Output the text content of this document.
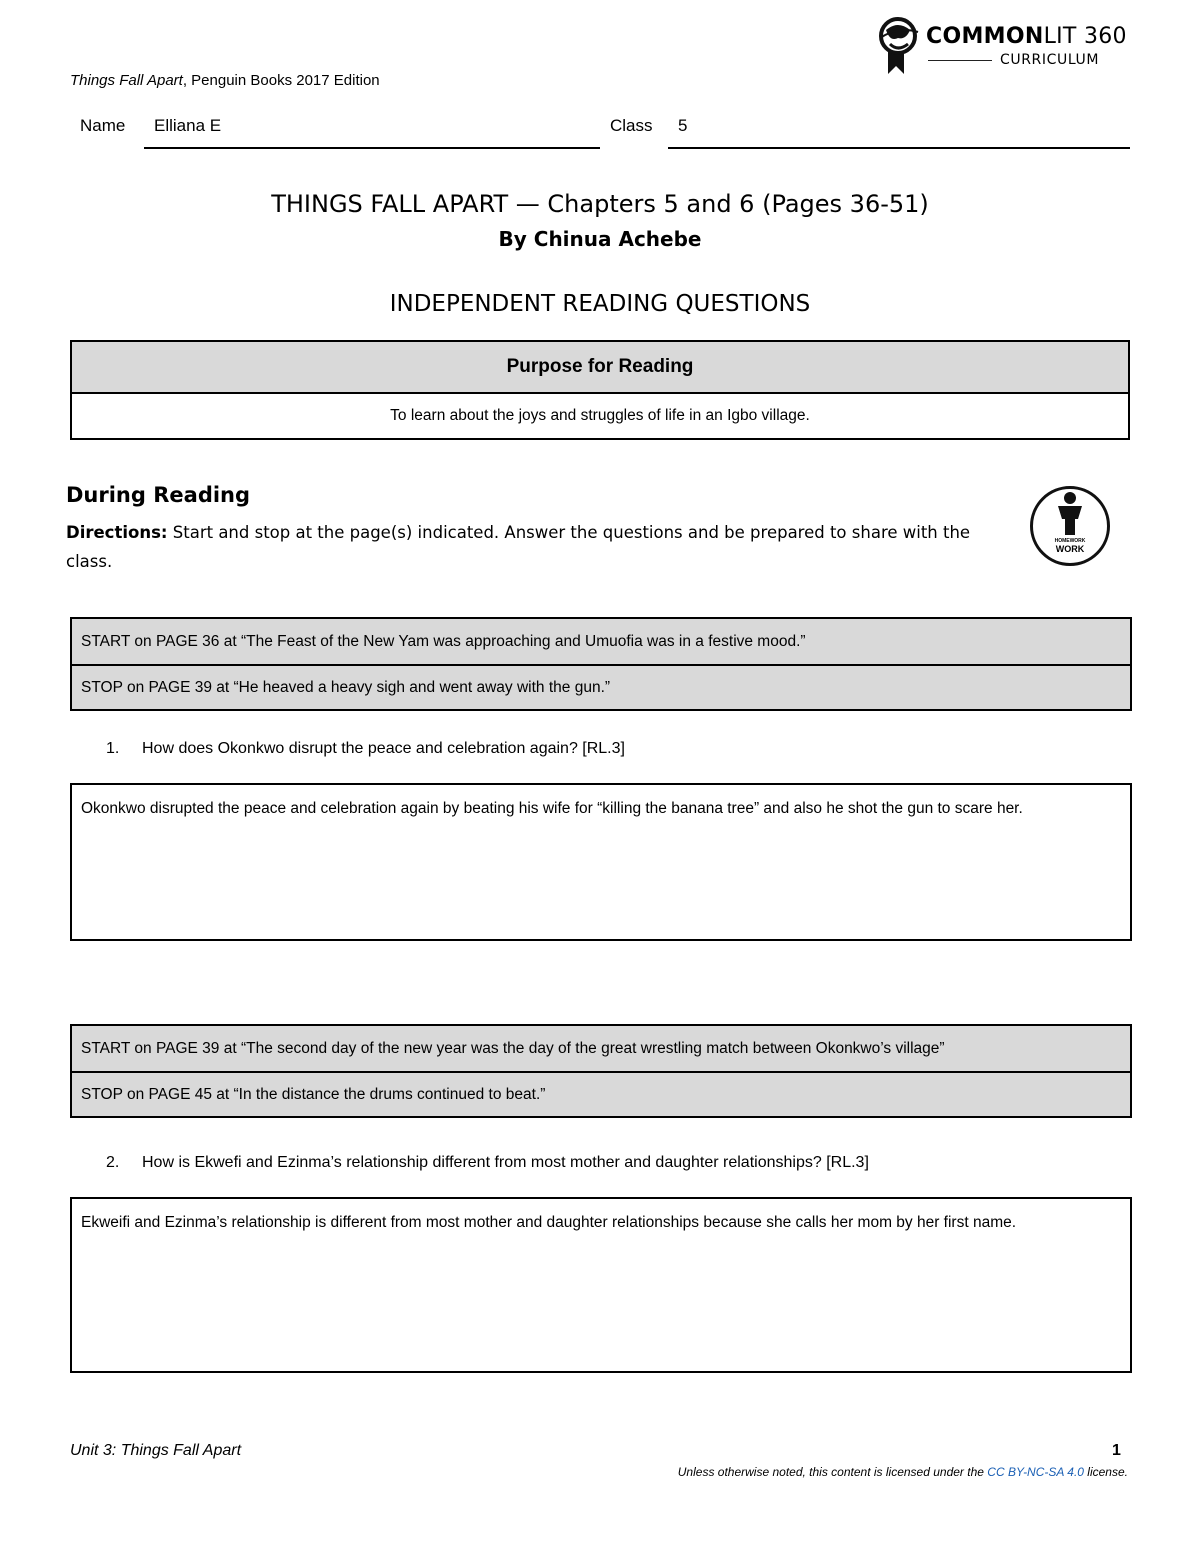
COMMONLIT 360
CURRICULUM
Things Fall Apart, Penguin Books 2017 Edition
Name Elliana E	Class 5
THINGS FALL APART — Chapters 5 and 6 (Pages 36-51)
By Chinua Achebe
INDEPENDENT READING QUESTIONS
Purpose for Reading
To learn about the joys and struggles of life in an Igbo village.
During Reading
Directions: Start and stop at the page(s) indicated. Answer the questions and be prepared to share with the class.
HOMEWORK
WORK
START on PAGE 36 at “The Feast of the New Yam was approaching and Umuofia was in a festive mood.”
STOP on PAGE 39 at “He heaved a heavy sigh and went away with the gun.”
1. How does Okonkwo disrupt the peace and celebration again? [RL.3]
Okonkwo disrupted the peace and celebration again by beating his wife for “killing the banana tree” and also he shot the gun to scare her.
START on PAGE 39 at “The second day of the new year was the day of the great wrestling match between Okonkwo’s village”
STOP on PAGE 45 at “In the distance the drums continued to beat.”
2. How is Ekwefi and Ezinma’s relationship different from most mother and daughter relationships? [RL.3]
Ekweifi and Ezinma’s relationship is different from most mother and daughter relationships because she calls her mom by her first name.
Unit 3: Things Fall Apart	1
Unless otherwise noted, this content is licensed under the CC BY-NC-SA 4.0 license.
